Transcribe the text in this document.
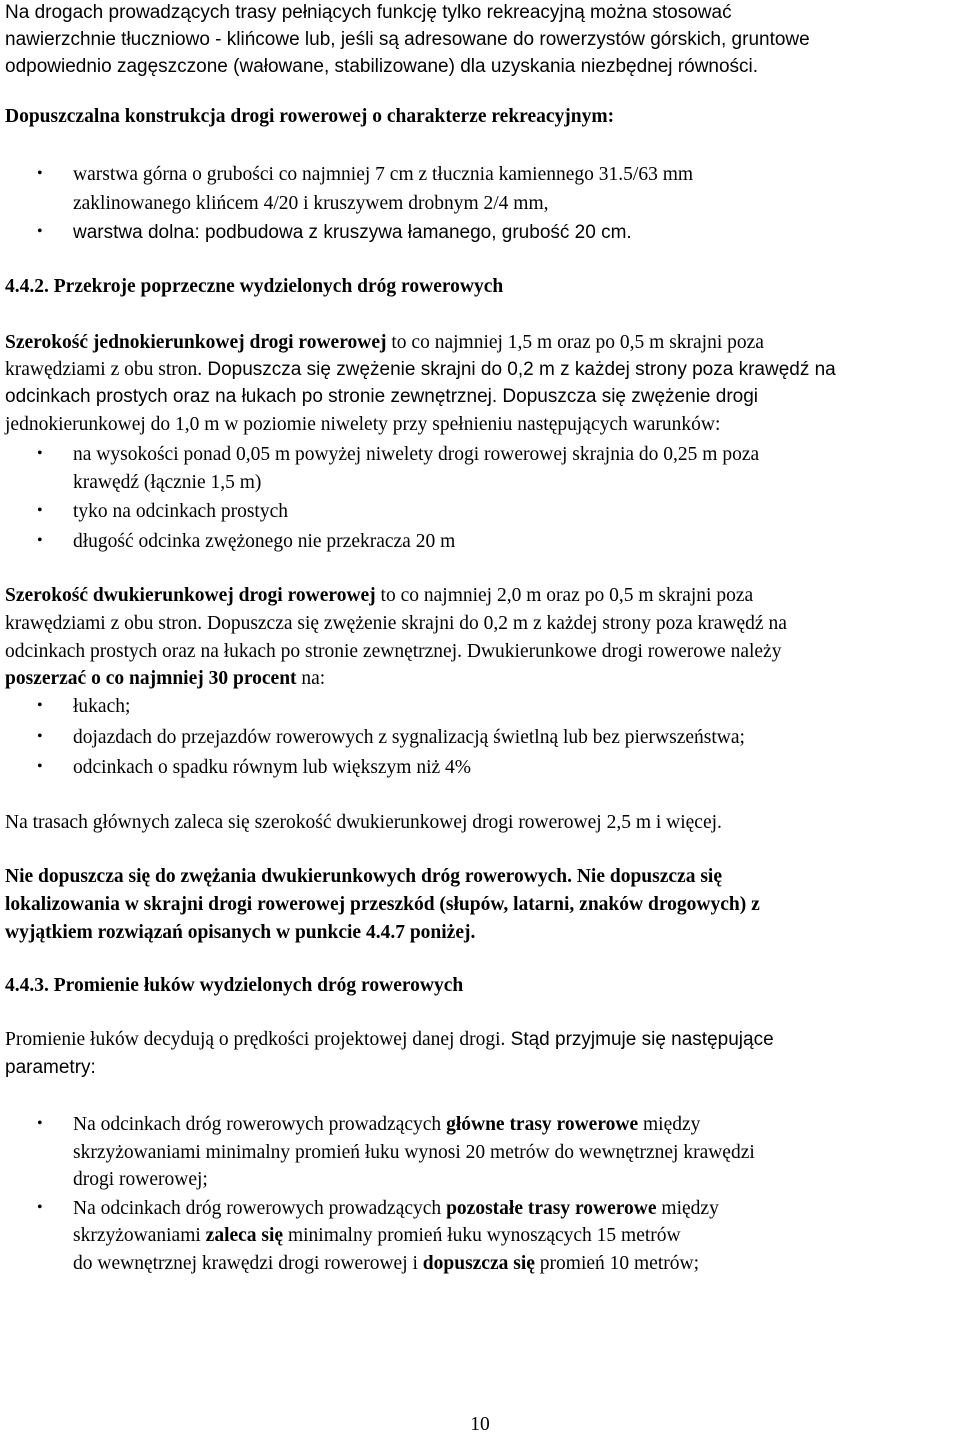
Na drogach prowadzących trasy pełniących funkcję tylko rekreacyjną można stosować

nawierzchnie tłuczniowo - klińcowe lub, jeśli są adresowane do rowerzystów górskich, gruntowe

odpowiednio zagęszczone (wałowane, stabilizowane) dla uzyskania niezbędnej równości.

Dopuszczalna konstrukcja drogi rowerowej o charakterze rekreacyjnym:

• warstwa górna o grubości co najmniej 7 cm z tłucznia kamiennego 31.5/63 mm

zaklinowanego klińcem 4/20 i kruszywem drobnym 2/4 mm,

• warstwa dolna: podbudowa z kruszywa łamanego, grubość 20 cm.

4.4.2. Przekroje poprzeczne wydzielonych dróg rowerowych

Szerokość jednokierunkowej drogi rowerowej to co najmniej 1,5 m oraz po 0,5 m skrajni poza

krawędziami z obu stron. Dopuszcza się zwężenie skrajni do 0,2 m z każdej strony poza krawędź na

odcinkach prostych oraz na łukach po stronie zewnętrznej. Dopuszcza się zwężenie drogi

jednokierunkowej do 1,0 m w poziomie niwelety przy spełnieniu następujących warunków:

• na wysokości ponad 0,05 m powyżej niwelety drogi rowerowej skrajnia do 0,25 m poza

krawędź (łącznie 1,5 m)

• tyko na odcinkach prostych

• długość odcinka zwężonego nie przekracza 20 m

Szerokość dwukierunkowej drogi rowerowej to co najmniej 2,0 m oraz po 0,5 m skrajni poza

krawędziami z obu stron. Dopuszcza się zwężenie skrajni do 0,2 m z każdej strony poza krawędź na

odcinkach prostych oraz na łukach po stronie zewnętrznej. Dwukierunkowe drogi rowerowe należy

poszerzać o co najmniej 30 procent na:

• łukach;

• dojazdach do przejazdów rowerowych z sygnalizacją świetlną lub bez pierwszeństwa;

• odcinkach o spadku równym lub większym niż 4%

Na trasach głównych zaleca się szerokość dwukierunkowej drogi rowerowej 2,5 m i więcej.

Nie dopuszcza się do zwężania dwukierunkowych dróg rowerowych. Nie dopuszcza się

lokalizowania w skrajni drogi rowerowej przeszkód (słupów, latarni, znaków drogowych) z

wyjątkiem rozwiązań opisanych w punkcie 4.4.7 poniżej.

4.4.3. Promienie łuków wydzielonych dróg rowerowych

Promienie łuków decydują o prędkości projektowej danej drogi. Stąd przyjmuje się następujące

parametry:

• Na odcinkach dróg rowerowych prowadzących główne trasy rowerowe między

skrzyżowaniami minimalny promień łuku wynosi 20 metrów do wewnętrznej krawędzi

drogi rowerowej;

• Na odcinkach dróg rowerowych prowadzących pozostałe trasy rowerowe między

skrzyżowaniami zaleca się minimalny promień łuku wynoszących 15 metrów

do wewnętrznej krawędzi drogi rowerowej i dopuszcza się promień 10 metrów;

10
